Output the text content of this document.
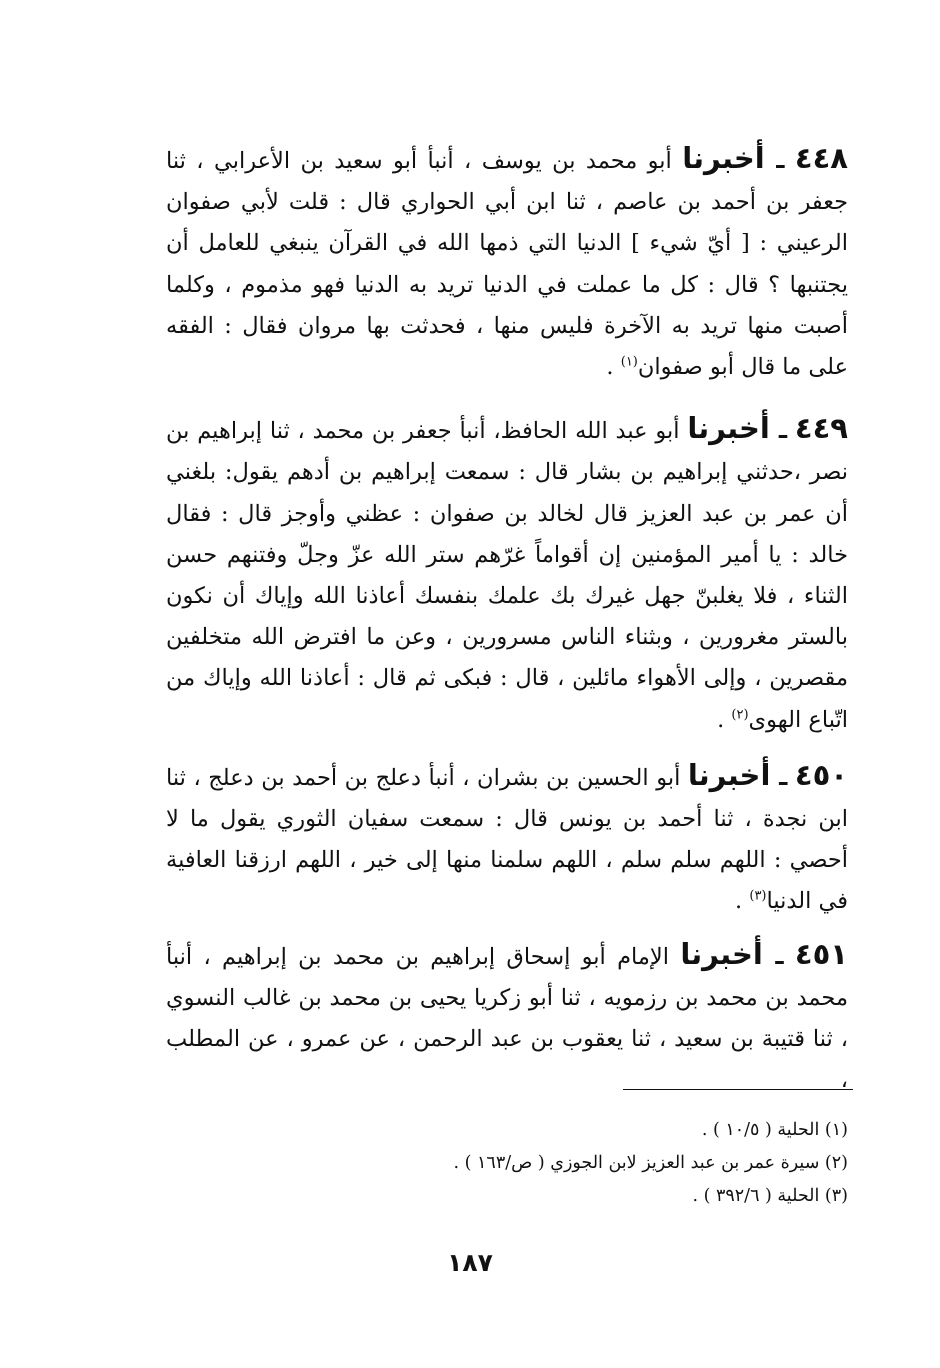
٤٤٨ ـ أخبرنا أبو محمد بن يوسف ، أنبأ أبو سعيد بن الأعرابي ، ثنا جعفر بن أحمد بن عاصم ، ثنا ابن أبي الحواري قال : قلت لأبي صفوان الرعيني : [ أيّ شيء ] الدنيا التي ذمها الله في القرآن ينبغي للعامل أن يجتنبها ؟ قال : كل ما عملت في الدنيا تريد به الدنيا فهو مذموم ، وكلما أصبت منها تريد به الآخرة فليس منها ، فحدثت بها مروان فقال : الفقه على ما قال أبو صفوان$^{(١)}$ .

٤٤٩ ـ أخبرنا أبو عبد الله الحافظ، أنبأ جعفر بن محمد ، ثنا إبراهيم بن نصر ،حدثني إبراهيم بن بشار قال : سمعت إبراهيم بن أدهم يقول: بلغني أن عمر بن عبد العزيز قال لخالد بن صفوان : عظني وأوجز قال : فقال خالد : يا أمير المؤمنين إن أقواماً غرّهم ستر الله عزّ وجلّ وفتنهم حسن الثناء ، فلا يغلبنّ جهل غيرك بك علمك بنفسك أعاذنا الله وإياك أن نكون بالستر مغرورين ، وبثناء الناس مسرورين ، وعن ما افترض الله متخلفين مقصرين ، وإلى الأهواء مائلين ، قال : فبكى ثم قال : أعاذنا الله وإياك من اتّباع الهوى$^{(٢)}$ .

٤٥٠ ـ أخبرنا أبو الحسين بن بشران ، أنبأ دعلج بن أحمد بن دعلج ، ثنا ابن نجدة ، ثنا أحمد بن يونس قال : سمعت سفيان الثوري يقول ما لا أحصي : اللهم سلم سلم ، اللهم سلمنا منها إلى خير ، اللهم ارزقنا العافية في الدنيا$^{(٣)}$ .

٤٥١ ـ أخبرنا الإمام أبو إسحاق إبراهيم بن محمد بن إبراهيم ، أنبأ محمد بن محمد بن رزمويه ، ثنا أبو زكريا يحيى بن محمد بن غالب النسوي ، ثنا قتيبة بن سعيد ، ثنا يعقوب بن عبد الرحمن ، عن عمرو ، عن المطلب ،

(١) الحلية ( ١٠/٥ ) .

(٢) سيرة عمر بن عبد العزيز لابن الجوزي ( ص/١٦٣ ) .

(٣) الحلية ( ٣٩٢/٦ ) .

١٨٧
